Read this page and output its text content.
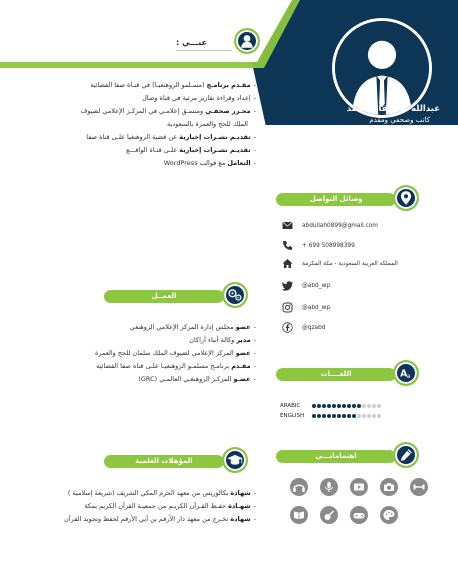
عبدالله عبدالقادر أحمد
كاتب وصحفي ومقدم
عنـــي :
-مقـدم برنامـج (مسـلمو الروهنغيـا) في قنـاة صفا الفضائية
-إعداد وقراءة تقارير مرئية في قناة وصال
-محـرر صحفـي ومنسـق إعلامـي في المركـز الإعلامي لضيوف
الملك للحج والعمرة بالسعودية
-تقديـم نشـرات إخبارية عن قضية الروهنغيا علـى قناة صفا
-تقديـم نشـرات إخبارية علـى قنـاة الواقـــع
-التعامل مع قوالب WordPress
العمــل
-عضو مجلس إدارة المركز الإعلامي الروهنغي
-مدير وكالة أنباء أراكان
-عضو المركز الإعلامي لضيوف الملك سلمان للحج والعمرة
-مقـدم برنامـج مسلمـو الروهنغيـا علـى قناة صفا الفضائية
-عضـو المركـز الروهنغـي العالمـي (GRC)
المؤهلات العلمية
-شهادة بكالوريس من معهد الحرم المكي الشريف (شريعة إسلامية )
-شهـادة حفـظ القـرآن الكريـم من جمعيـة القرآن الكريم بمكة
-شهادة تخـرج من معهد دار الأرقم بن أبي الأرقم لحفظ وتجويد القرآن
وسائل التواصل
abdullah0899@gmail.com
+ 699 508998399
المملكة العربية السعودية - مكة المكرمة
@abd_wp
@abd_wp
@qzabd
اللغــــات	A a
ARABIC
ENGLISH
اهتماماتـــي
